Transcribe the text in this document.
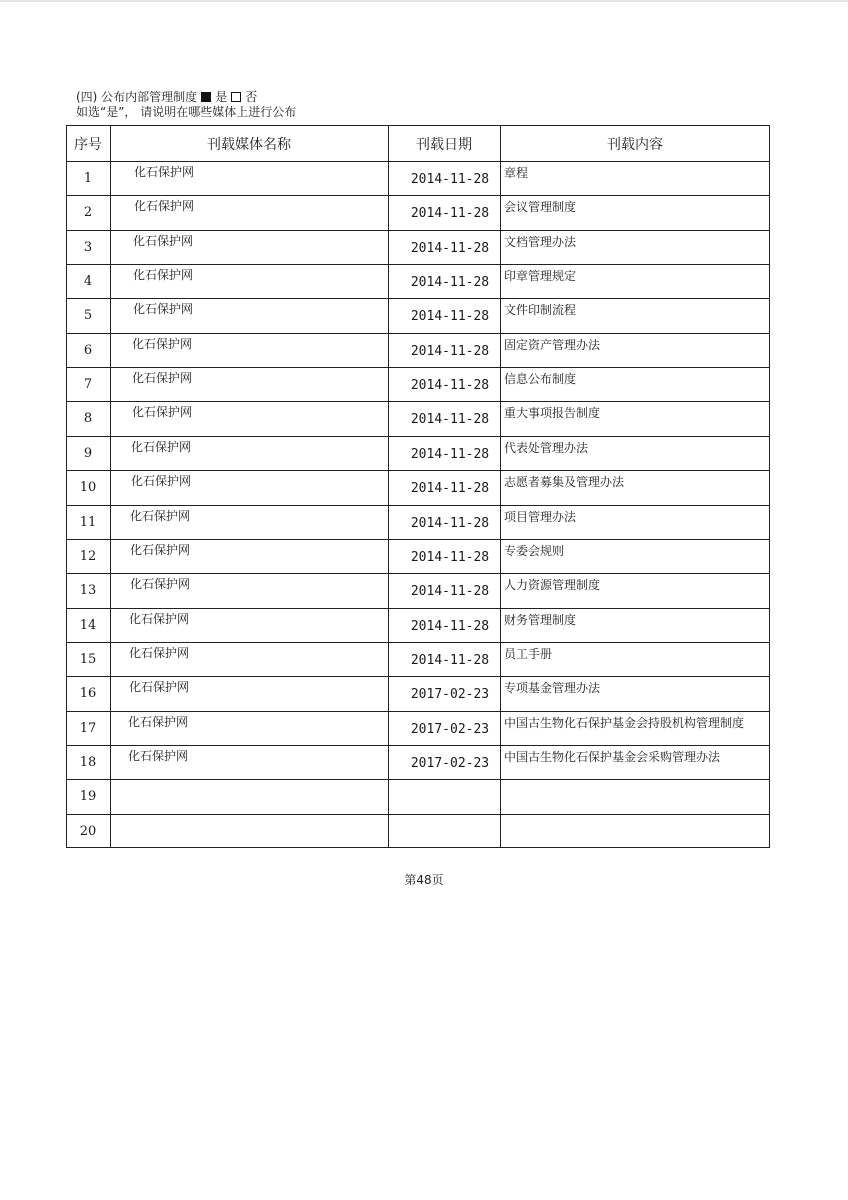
(四) 公布内部管理制度 是 否
如选“是”， 请说明在哪些媒体上进行公布
序号	刊载媒体名称	刊载日期	刊载内容
1	化石保护网	2014-11-28 章程
2	化石保护网	2014-11-28 会议管理制度
3	化石保护网	2014-11-28 文档管理办法
4	化石保护网	2014-11-28 印章管理规定
5	化石保护网	2014-11-28 文件印制流程
6	化石保护网	2014-11-28 固定资产管理办法
7	化石保护网	2014-11-28 信息公布制度
8	化石保护网	2014-11-28 重大事项报告制度
9	化石保护网	2014-11-28 代表处管理办法
10	化石保护网	2014-11-28 志愿者募集及管理办法
11	化石保护网	2014-11-28 项目管理办法
12	化石保护网	2014-11-28 专委会规则
13	化石保护网	2014-11-28 人力资源管理制度
14	化石保护网	2014-11-28 财务管理制度
15	化石保护网	2014-11-28 员工手册
16	化石保护网	2017-02-23 专项基金管理办法
17	化石保护网	2017-02-23 中国古生物化石保护基金会持股机构管理制度
18	化石保护网	2017-02-23 中国古生物化石保护基金会采购管理办法
19
20
第48页
